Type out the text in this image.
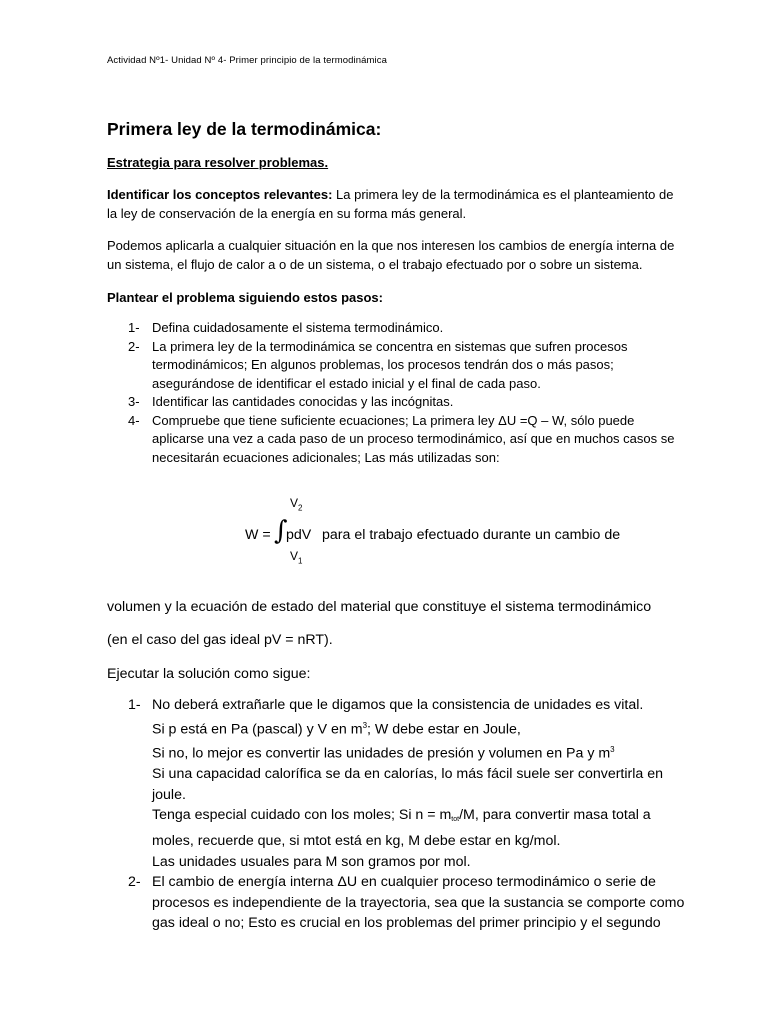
Actividad Nº1- Unidad Nº 4- Primer principio de la termodinámica
Primera ley de la termodinámica:
Estrategia para resolver problemas.
Identificar los conceptos relevantes: La primera ley de la termodinámica es el planteamiento de
la ley de conservación de la energía en su forma más general.
Podemos aplicarla a cualquier situación en la que nos interesen los cambios de energía interna de
un sistema, el flujo de calor a o de un sistema, o el trabajo efectuado por o sobre un sistema.
Plantear el problema siguiendo estos pasos:
1- Defina cuidadosamente el sistema termodinámico.
2- La primera ley de la termodinámica se concentra en sistemas que sufren procesos
termodinámicos; En algunos problemas, los procesos tendrán dos o más pasos;
asegurándose de identificar el estado inicial y el final de cada paso.
3- Identificar las cantidades conocidas y las incógnitas.
4- Compruebe que tiene suficiente ecuaciones; La primera ley ΔU =Q – W, sólo puede
aplicarse una vez a cada paso de un proceso termodinámico, así que en muchos casos se
necesitarán ecuaciones adicionales; Las más utilizadas son:
$V_2$
W = ∫
pdV para el trabajo efectuado durante un cambio de
$V_1$
volumen y la ecuación de estado del material que constituye el sistema termodinámico
(en el caso del gas ideal pV = nRT).
Ejecutar la solución como sigue:
1- No deberá extrañarle que le digamos que la consistencia de unidades es vital.
Si p está en Pa (pascal) y V en $m^3$; W debe estar en Joule,
Si no, lo mejor es convertir las unidades de presión y volumen en Pa y $m^3$
Si una capacidad calorífica se da en calorías, lo más fácil suele ser convertirla en
joule.
Tenga especial cuidado con los moles; Si n = mtot/M, para convertir masa total a
moles, recuerde que, si mtot está en kg, M debe estar en kg/mol.
Las unidades usuales para M son gramos por mol.
2- El cambio de energía interna ΔU en cualquier proceso termodinámico o serie de
procesos es independiente de la trayectoria, sea que la sustancia se comporte como
gas ideal o no; Esto es crucial en los problemas del primer principio y el segundo
